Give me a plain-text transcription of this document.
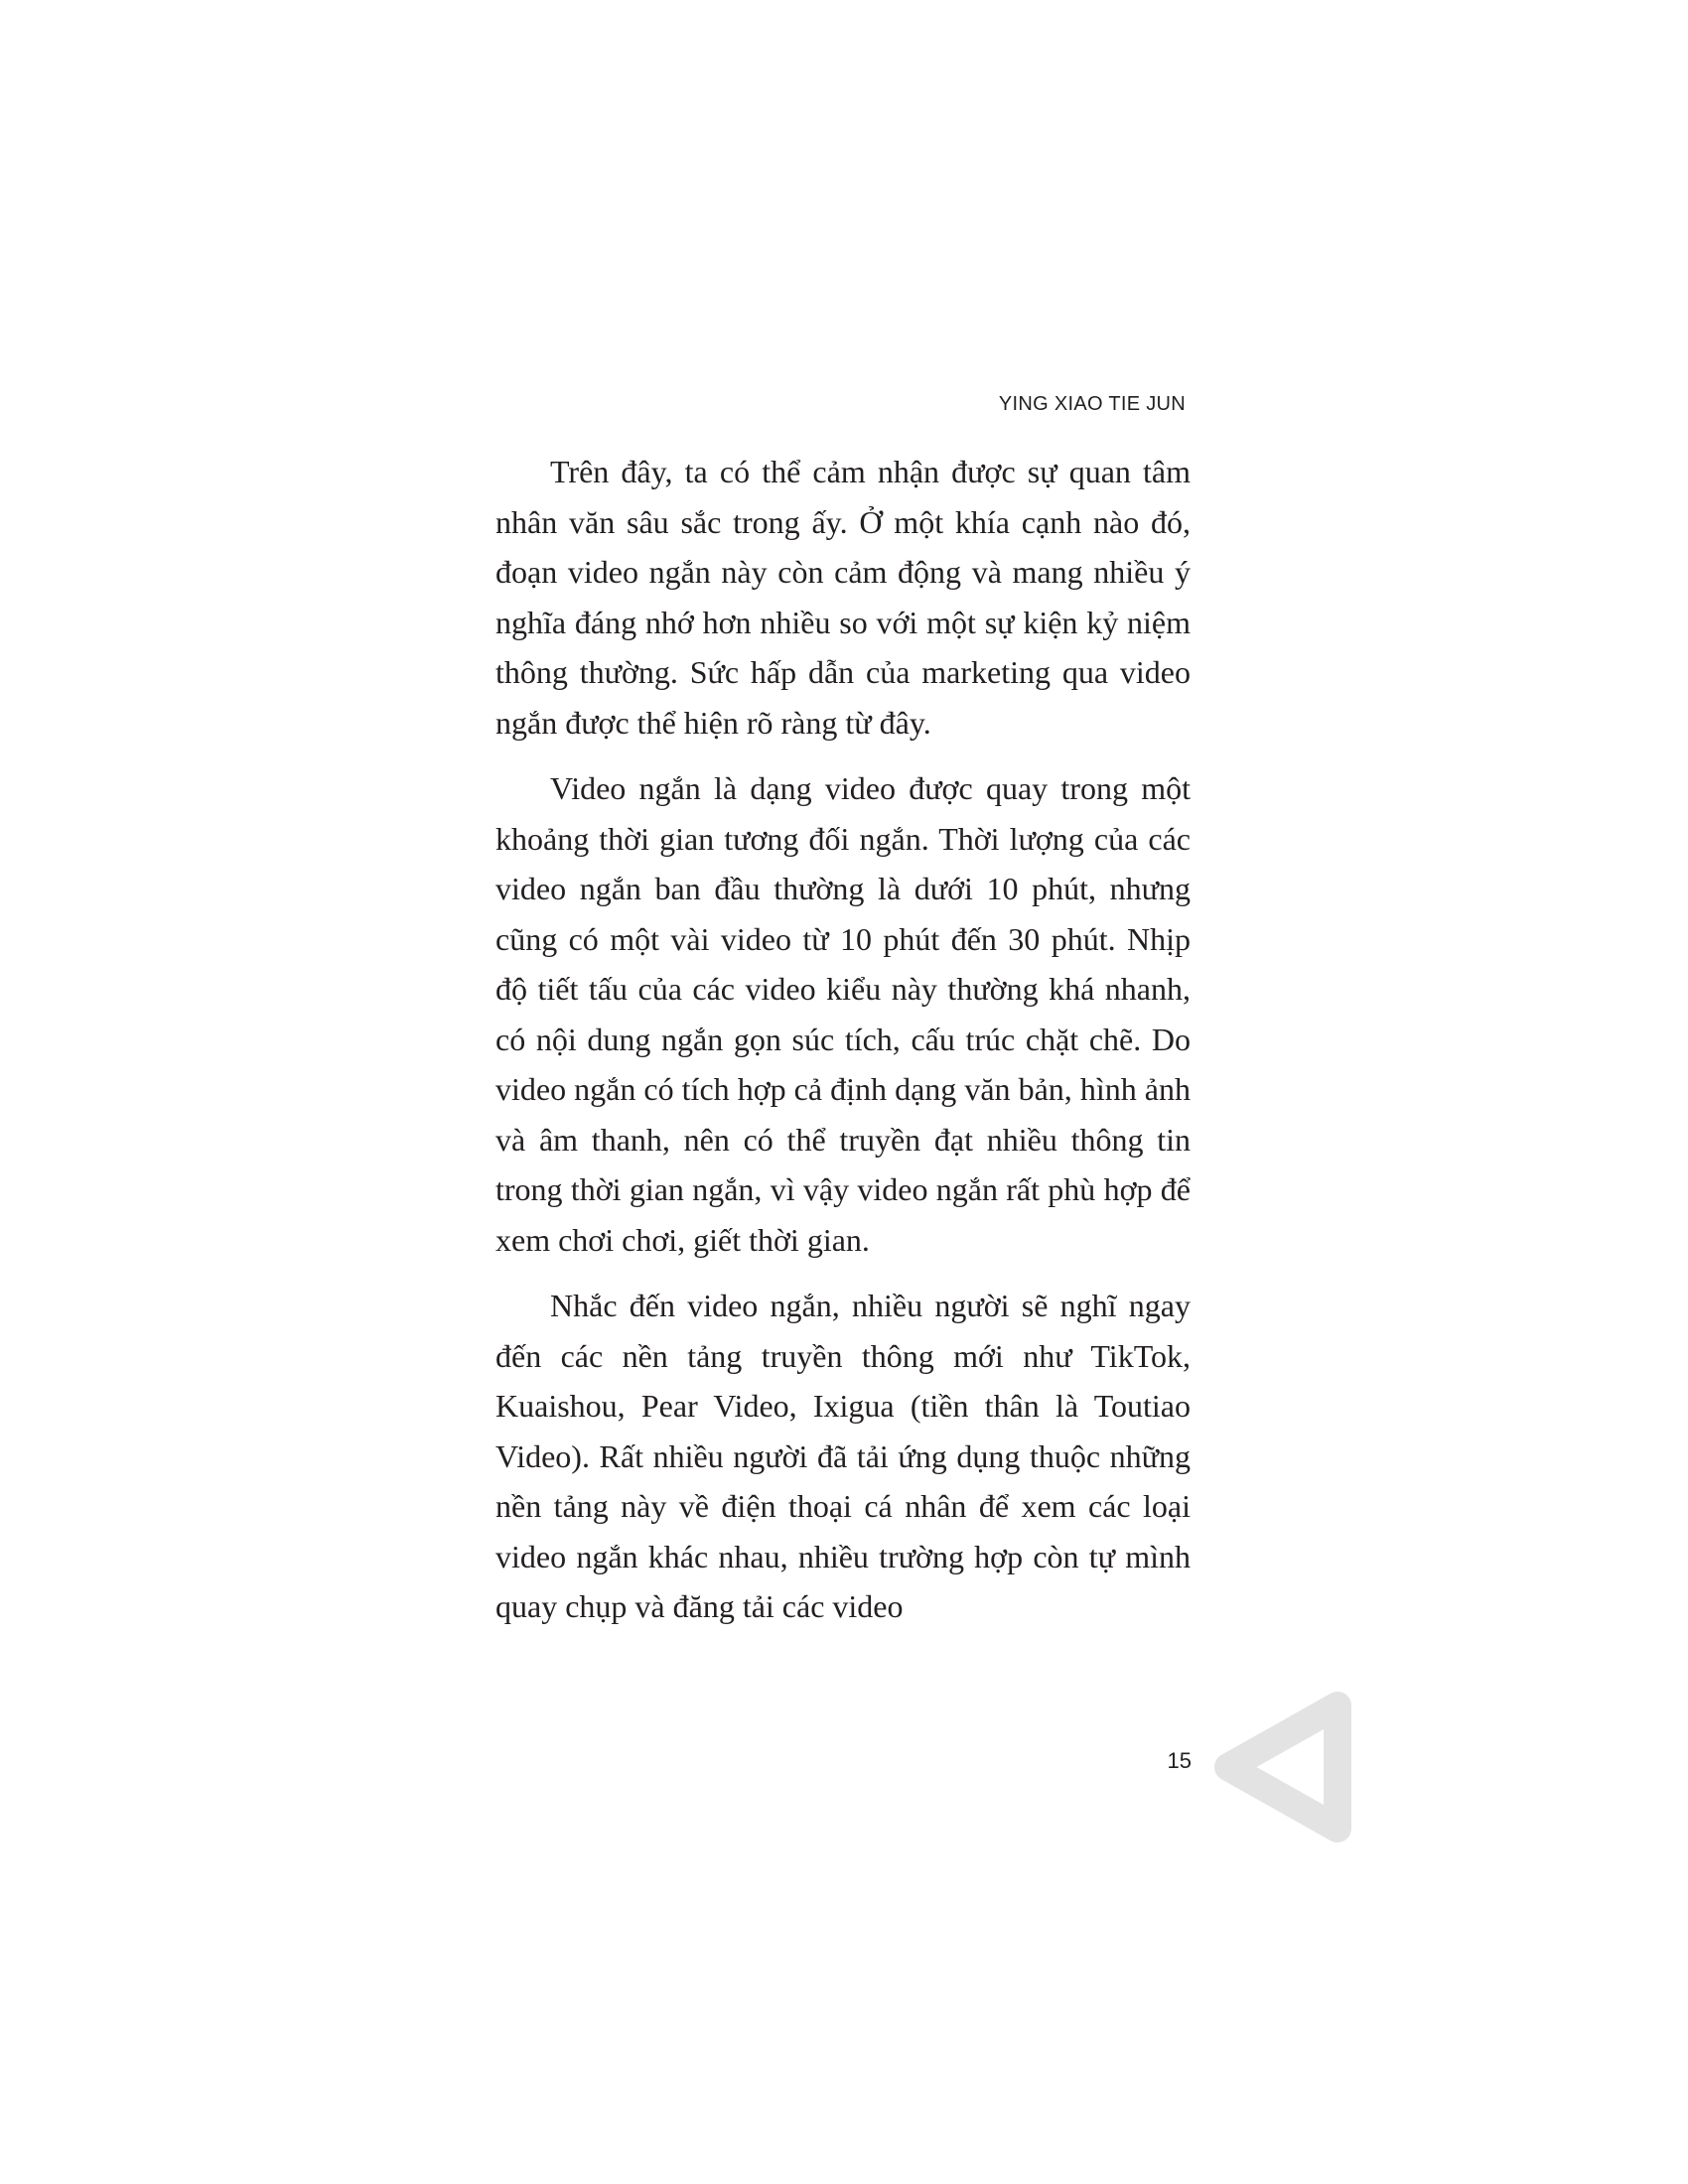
YING XIAO TIE JUN

Trên đây, ta có thể cảm nhận được sự quan tâm nhân văn sâu sắc trong ấy. Ở một khía cạnh nào đó, đoạn video ngắn này còn cảm động và mang nhiều ý nghĩa đáng nhớ hơn nhiều so với một sự kiện kỷ niệm thông thường. Sức hấp dẫn của marketing qua video ngắn được thể hiện rõ ràng từ đây.

Video ngắn là dạng video được quay trong một khoảng thời gian tương đối ngắn. Thời lượng của các video ngắn ban đầu thường là dưới 10 phút, nhưng cũng có một vài video từ 10 phút đến 30 phút. Nhịp độ tiết tấu của các video kiểu này thường khá nhanh, có nội dung ngắn gọn súc tích, cấu trúc chặt chẽ. Do video ngắn có tích hợp cả định dạng văn bản, hình ảnh và âm thanh, nên có thể truyền đạt nhiều thông tin trong thời gian ngắn, vì vậy video ngắn rất phù hợp để xem chơi chơi, giết thời gian.

Nhắc đến video ngắn, nhiều người sẽ nghĩ ngay đến các nền tảng truyền thông mới như TikTok, Kuaishou, Pear Video, Ixigua (tiền thân là Toutiao Video). Rất nhiều người đã tải ứng dụng thuộc những nền tảng này về điện thoại cá nhân để xem các loại video ngắn khác nhau, nhiều trường hợp còn tự mình quay chụp và đăng tải các video

15
